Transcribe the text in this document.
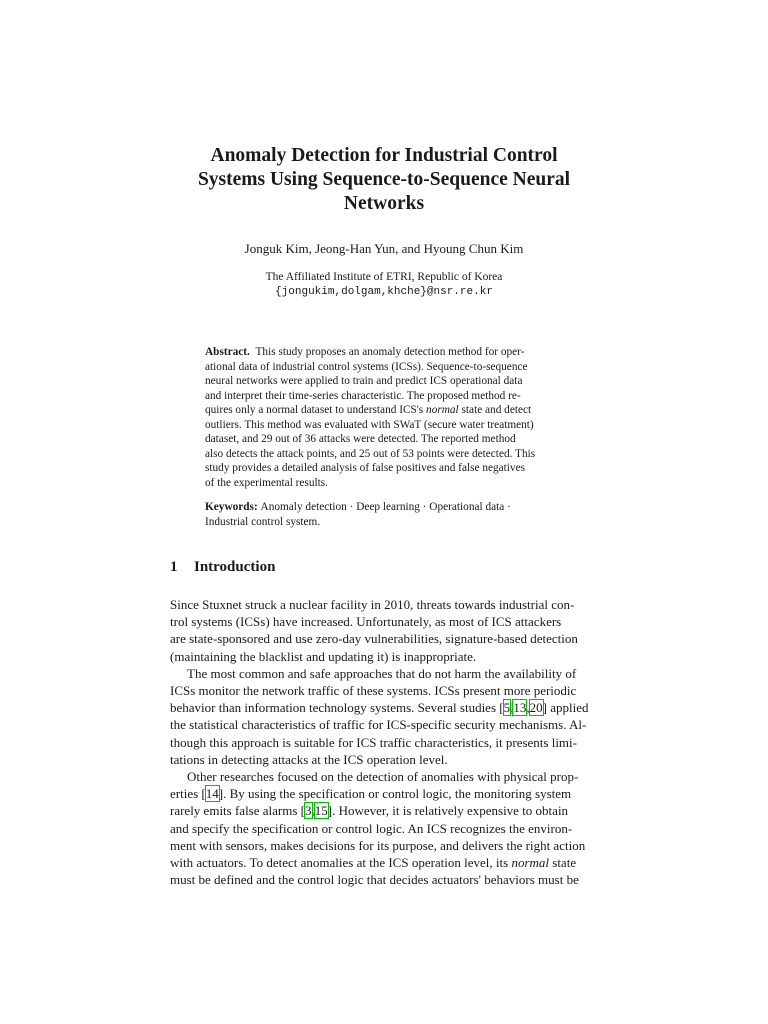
Anomaly Detection for Industrial Control
Systems Using Sequence-to-Sequence Neural
Networks
Jonguk Kim, Jeong-Han Yun, and Hyoung Chun Kim
The Affiliated Institute of ETRI, Republic of Korea
{jongukim,dolgam,khche}@nsr.re.kr
Abstract. This study proposes an anomaly detection method for oper-
ational data of industrial control systems (ICSs). Sequence-to-sequence
neural networks were applied to train and predict ICS operational data
and interpret their time-series characteristic. The proposed method re-
quires only a normal dataset to understand ICS's normal state and detect
outliers. This method was evaluated with SWaT (secure water treatment)
dataset, and 29 out of 36 attacks were detected. The reported method
also detects the attack points, and 25 out of 53 points were detected. This
study provides a detailed analysis of false positives and false negatives
of the experimental results.
Keywords: Anomaly detection · Deep learning · Operational data ·
Industrial control system.
1 Introduction
Since Stuxnet struck a nuclear facility in 2010, threats towards industrial con-
trol systems (ICSs) have increased. Unfortunately, as most of ICS attackers
are state-sponsored and use zero-day vulnerabilities, signature-based detection
(maintaining the blacklist and updating it) is inappropriate.
The most common and safe approaches that do not harm the availability of
ICSs monitor the network traffic of these systems. ICSs present more periodic
behavior than information technology systems. Several studies [5,13,20] applied
the statistical characteristics of traffic for ICS-specific security mechanisms. Al-
though this approach is suitable for ICS traffic characteristics, it presents limi-
tations in detecting attacks at the ICS operation level.
Other researches focused on the detection of anomalies with physical prop-
erties [14]. By using the specification or control logic, the monitoring system
rarely emits false alarms [3,15]. However, it is relatively expensive to obtain
and specify the specification or control logic. An ICS recognizes the environ-
ment with sensors, makes decisions for its purpose, and delivers the right action
with actuators. To detect anomalies at the ICS operation level, its normal state
must be defined and the control logic that decides actuators' behaviors must be
